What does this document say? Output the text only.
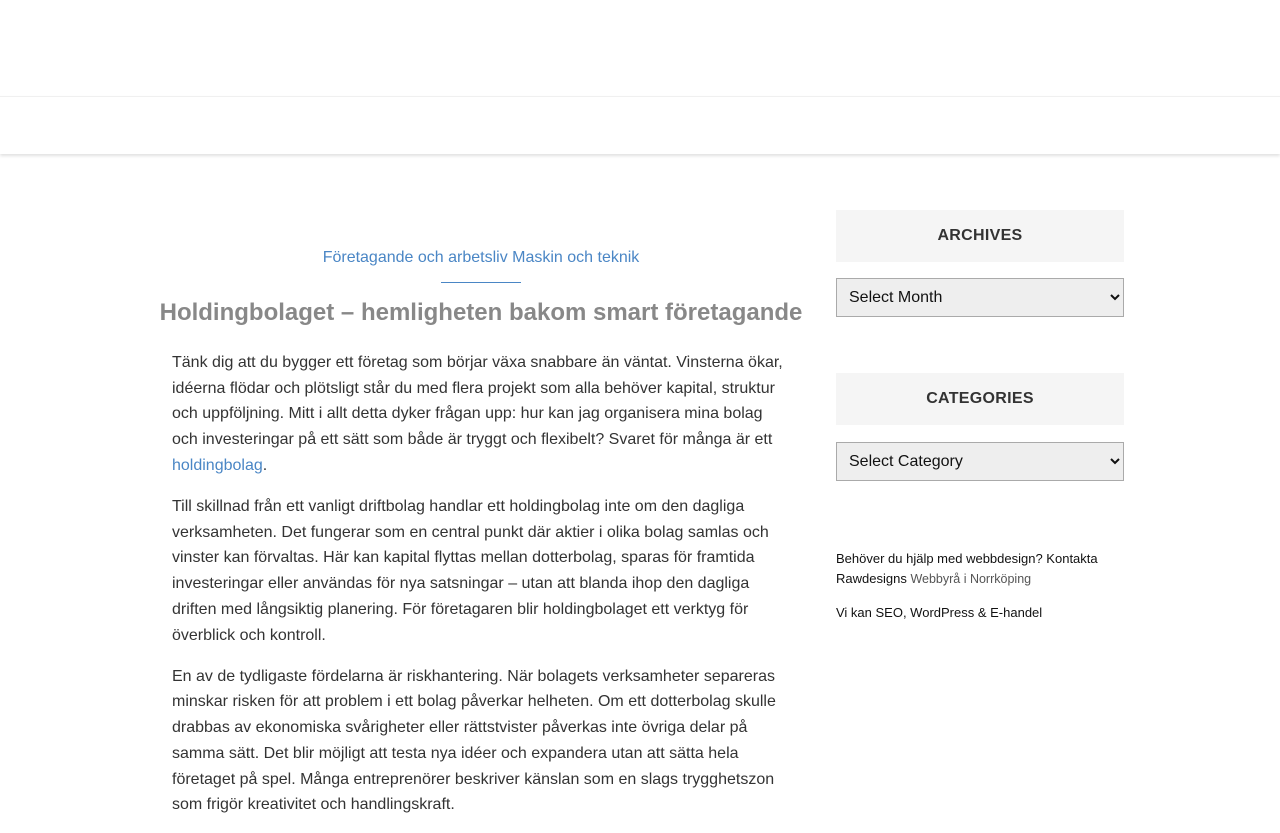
Företagande och arbetsliv Maskin och teknik
Holdingbolaget – hemligheten bakom smart företagande

Tänk dig att du bygger ett företag som börjar växa snabbare än väntat. Vinsterna ökar, idéerna flödar och plötsligt står du med flera projekt som alla behöver kapital, struktur och uppföljning. Mitt i allt detta dyker frågan upp: hur kan jag organisera mina bolag och investeringar på ett sätt som både är tryggt och flexibelt? Svaret för många är ett holdingbolag.

Till skillnad från ett vanligt driftbolag handlar ett holdingbolag inte om den dagliga verksamheten. Det fungerar som en central punkt där aktier i olika bolag samlas och vinster kan förvaltas. Här kan kapital flyttas mellan dotterbolag, sparas för framtida investeringar eller användas för nya satsningar – utan att blanda ihop den dagliga driften med långsiktig planering. För företagaren blir holdingbolaget ett verktyg för överblick och kontroll.

En av de tydligaste fördelarna är riskhantering. När bolagets verksamheter separeras minskar risken för att problem i ett bolag påverkar helheten. Om ett dotterbolag skulle drabbas av ekonomiska svårigheter eller rättstvister påverkas inte övriga delar på samma sätt. Det blir möjligt att testa nya idéer och expandera utan att sätta hela företaget på spel. Många entreprenörer beskriver känslan som en slags trygghetszon som frigör kreativitet och handlingskraft.

ARCHIVES
Select Month
CATEGORIES
Select Category

Behöver du hjälp med webbdesign? Kontakta Rawdesigns Webbyrå i Norrköping

Vi kan SEO, WordPress & E-handel
